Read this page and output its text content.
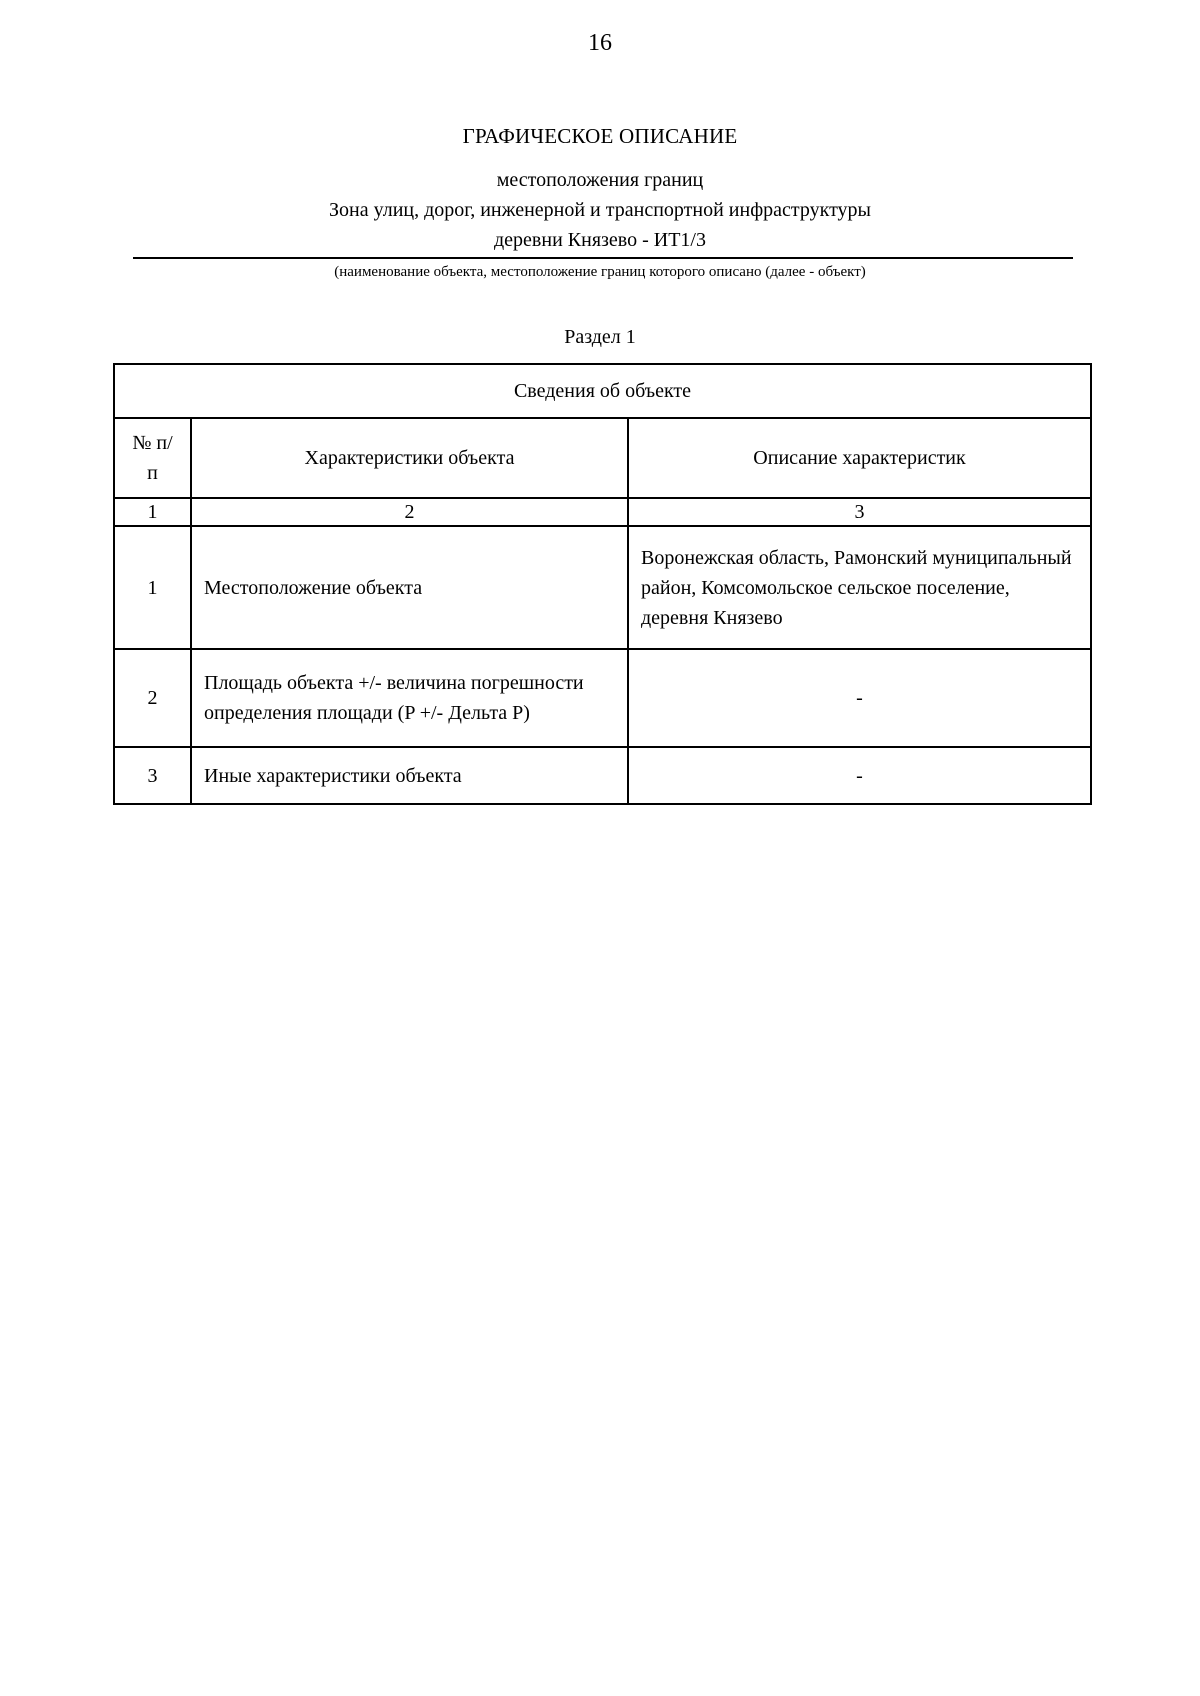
16
ГРАФИЧЕСКОЕ ОПИСАНИЕ
местоположения границ
Зона улиц, дорог, инженерной и транспортной инфраструктуры
деревни Князево - ИТ1/3
(наименование объекта, местоположение границ которого описано (далее - объект)
Раздел 1
Сведения об объекте		
№ п/п	Характеристики объекта	Описание характеристик
1	2	3
1	Местоположение объекта	Воронежская область, Рамонский муниципальный район, Комсомольское сельское поселение, деревня Князево
2	Площадь объекта +/- величина погрешности определения площади (P +/- Дельта P)	-
3	Иные характеристики объекта	-
